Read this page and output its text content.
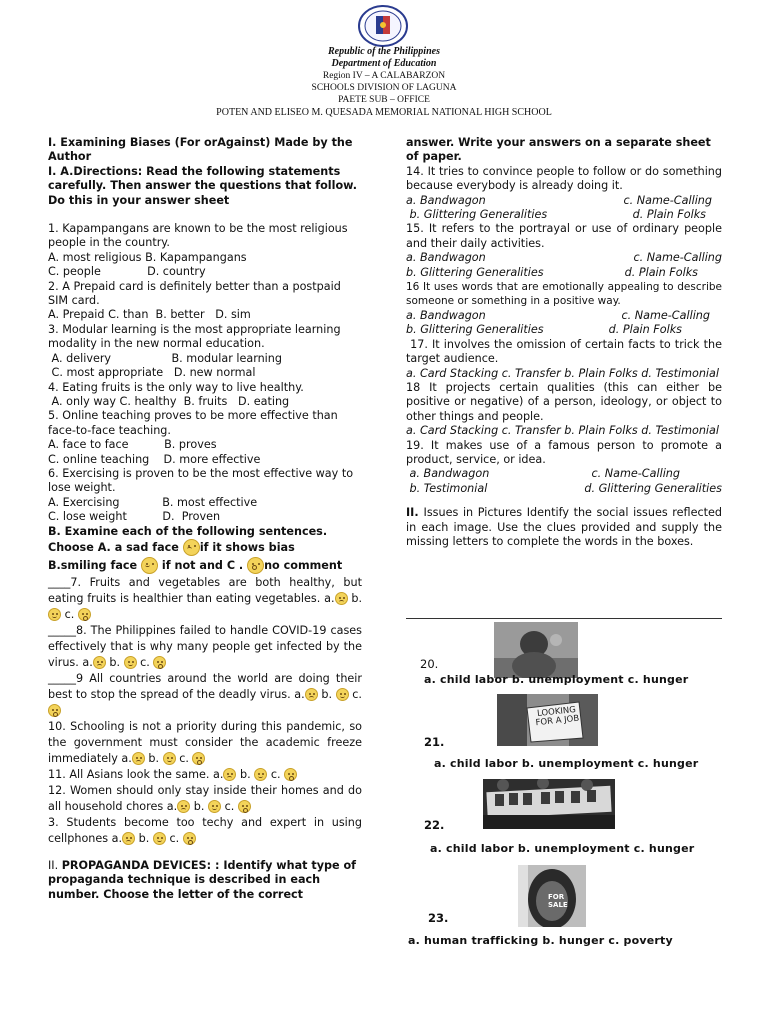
Republic of the Philippines
Department of Education
Region IV – A CALABARZON
SCHOOLS DIVISION OF LAGUNA
PAETE SUB – OFFICE
POTEN AND ELISEO M. QUESADA MEMORIAL NATIONAL HIGH SCHOOL

I. Examining Biases (For orAgainst) Made by the Author

I. A.Directions: Read the following statements carefully. Then answer the questions that follow. Do this in your answer sheet

1. Kapampangans are known to be the most religious people in the country.

A. most religious B. Kapampangans

C. people             D. country

2. A Prepaid card is definitely better than a postpaid SIM card.

A. Prepaid C. than  B. better   D. sim

3. Modular learning is the most appropriate learning modality in the new normal education.

A. delivery                 B. modular learning

C. most appropriate   D. new normal

4. Eating fruits is the only way to live healthy.

A. only way C. healthy  B. fruits   D. eating

5. Online teaching proves to be more effective than face-to-face teaching.

A. face to face          B. proves

C. online teaching    D. more effective

6. Exercising is proven to be the most effective way to lose weight.

A. Exercising            B. most effective

C. lose weight          D.  Proven

B. Examine each of the following sentences.

Choose A. a sad face if it shows bias
B.smiling face if not and C . no comment

____7. Fruits and vegetables are both healthy, but eating fruits is healthier than eating vegetables. a. b.  c.

_____8. The Philippines failed to handle COVID-19 cases effectively that is why many people get infected by the virus. a. b. c.

_____9 All countries around the world are doing their best to stop the spread of the deadly virus. a. b. c.

10. Schooling is not a priority during this pandemic, so the government must consider the academic freeze immediately a. b. c.

11. All Asians look the same. a. b. c.

12. Women should only stay inside their homes and do all household chores a. b. c.

3. Students become too techy and expert in using cellphones a. b. c.

II. PROPAGANDA DEVICES: : Identify what type of propaganda technique is described in each number. Choose the letter of the correct

answer. Write your answers on a separate sheet of paper.

14. It tries to convince people to follow or do something because everybody is already doing it.

a. Bandwagon	c. Name-Calling
b. Glittering Generalities	d. Plain Folks

15. It refers to the portrayal or use of ordinary people and their daily activities.

a. Bandwagon	c. Name-Calling
b. Glittering Generalities	d. Plain Folks

16 It uses words that are emotionally appealing to describe someone or something in a positive way.

a. Bandwagon	c. Name-Calling
b. Glittering Generalities	d. Plain Folks

17. It involves the omission of certain facts to trick the target audience.

a. Card Stacking c. Transfer b. Plain Folks d. Testimonial

18 It projects certain qualities (this can either be positive or negative) of a person, ideology, or object to other things and people.

a. Card Stacking c. Transfer b. Plain Folks d. Testimonial

19. It makes use of a famous person to promote a product, service, or idea.

a. Bandwagon	c. Name-Calling
b. Testimonial	d. Glittering Generalities

II. Issues in Pictures Identify the social issues reflected in each image. Use the clues provided and supply the missing letters to complete the words in the boxes.

20.
a. child labor b. unemployment c. hunger
LOOKING FOR A JOB
21.
a. child labor b. unemployment c. hunger
22.
a. child labor b. unemployment c. hunger
FOR SALE
23.
a. human trafficking b. hunger c. poverty
